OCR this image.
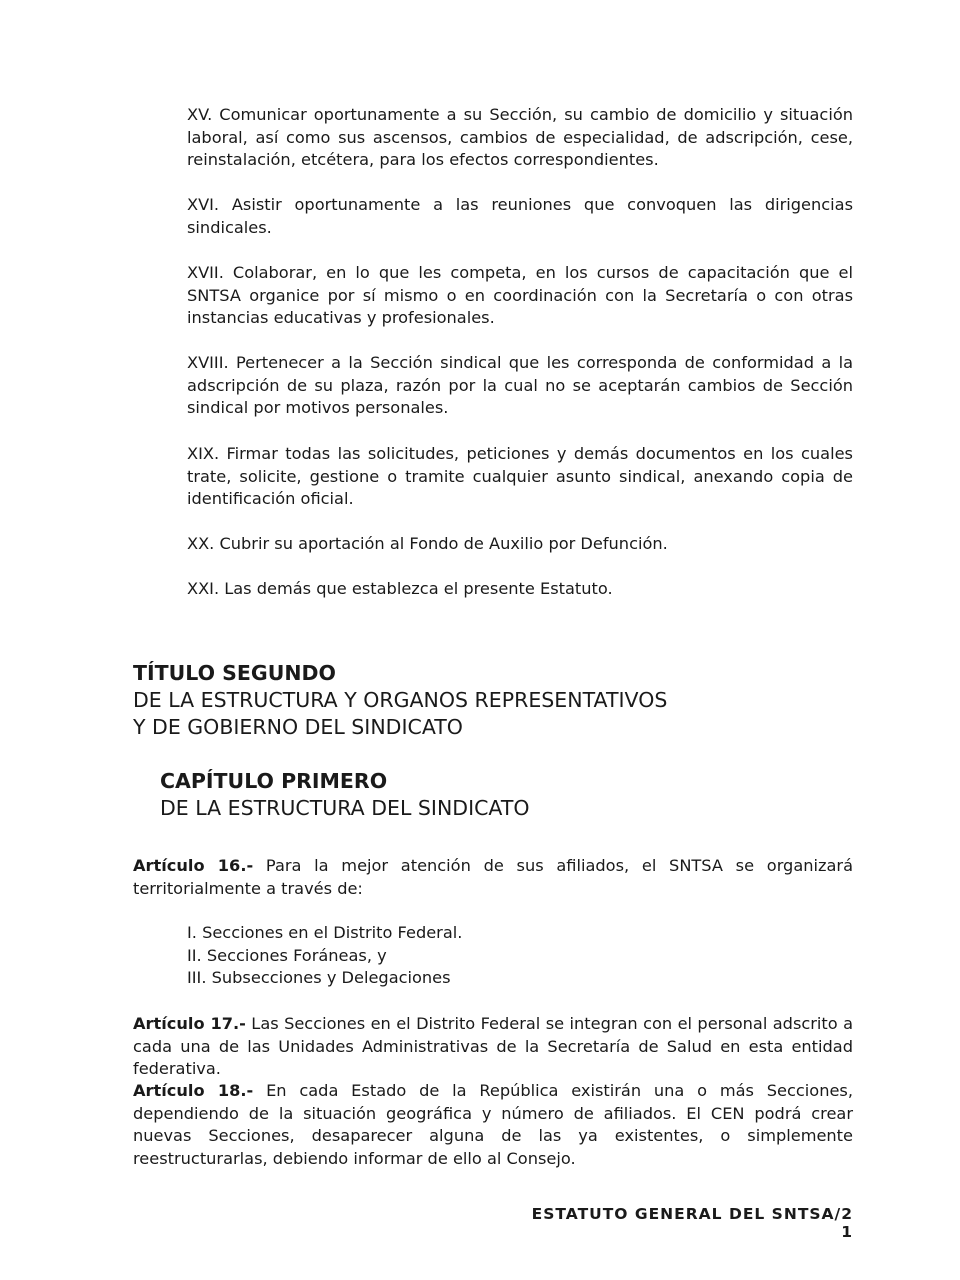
XV. Comunicar oportunamente a su Sección, su cambio de domicilio y situación laboral, así como sus ascensos, cambios de especialidad, de adscripción, cese, reinstalación, etcétera, para los efectos correspondientes.

XVI. Asistir oportunamente a las reuniones que convoquen las dirigencias sindicales.

XVII. Colaborar, en lo que les competa, en los cursos de capacitación que el SNTSA organice por sí mismo o en coordinación con la Secretaría o con otras instancias educativas y profesionales.

XVIII. Pertenecer a la Sección sindical que les corresponda de conformidad a la adscripción de su plaza, razón por la cual no se aceptarán cambios de Sección sindical por motivos personales.

XIX. Firmar todas las solicitudes, peticiones y demás documentos en los cuales trate, solicite, gestione o tramite cualquier asunto sindical, anexando copia de identificación oficial.

XX. Cubrir su aportación al Fondo de Auxilio por Defunción.

XXI. Las demás que establezca el presente Estatuto.

TÍTULO SEGUNDO
DE LA ESTRUCTURA Y ORGANOS REPRESENTATIVOS
Y DE GOBIERNO DEL SINDICATO
CAPÍTULO PRIMERO
DE LA ESTRUCTURA DEL SINDICATO

Artículo 16.- Para la mejor atención de sus afiliados, el SNTSA se organizará territorialmente a través de:

I. Secciones en el Distrito Federal.
II. Secciones Foráneas, y
III. Subsecciones y Delegaciones

Artículo 17.- Las Secciones en el Distrito Federal se integran con el personal adscrito a cada una de las Unidades Administrativas de la Secretaría de Salud en esta entidad federativa.

Artículo 18.- En cada Estado de la República existirán una o más Secciones, dependiendo de la situación geográfica y número de afiliados. El CEN podrá crear nuevas Secciones, desaparecer alguna de las ya existentes, o simplemente reestructurarlas, debiendo informar de ello al Consejo.

ESTATUTO GENERAL DEL SNTSA/2 1
